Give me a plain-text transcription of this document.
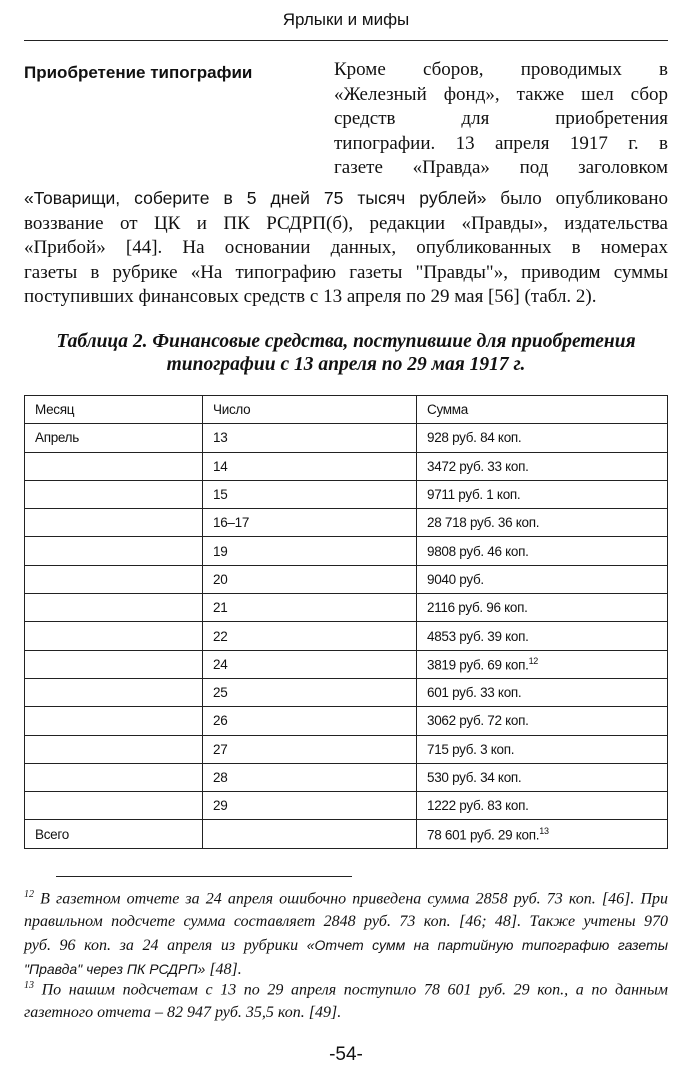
Ярлыки и мифы
Приобретение типографии	Кроме сборов, проводимых в
«Железный фонд», также шел сбор
средств для приобретения
типографии. 13 апреля 1917 г. в
газете «Правда» под заголовком
«Товарищи, соберите в 5 дней 75 тысяч рублей» было опубликовано
воззвание от ЦК и ПК РСДРП(б), редакции «Правды», издательства
«Прибой» [44]. На основании данных, опубликованных в номерах
газеты в рубрике «На типографию газеты "Правды"», приводим суммы
поступивших финансовых средств с 13 апреля по 29 мая [56] (табл. 2).
Таблица 2. Финансовые средства, поступившие для приобретения
типографии с 13 апреля по 29 мая 1917 г.
Месяц	Число	Сумма
Апрель	13	928 руб. 84 коп.
	14	3472 руб. 33 коп.
	15	9711 руб. 1 коп.
	16–17	28 718 руб. 36 коп.
	19	9808 руб. 46 коп.
	20	9040 руб.
	21	2116 руб. 96 коп.
	22	4853 руб. 39 коп.
	24	3819 руб. 69 коп.$^{12}$
	25	601 руб. 33 коп.
	26	3062 руб. 72 коп.
	27	715 руб. 3 коп.
	28	530 руб. 34 коп.
	29	1222 руб. 83 коп.
Всего		78 601 руб. 29 коп.$^{13}$
$^{12}$ В газетном отчете за 24 апреля ошибочно приведена сумма 2858 руб. 73 коп. [46]. При
правильном подсчете сумма составляет 2848 руб. 73 коп. [46; 48]. Также учтены 970
руб. 96 коп. за 24 апреля из рубрики «Отчет сумм на партийную типографию газеты
"Правда" через ПК РСДРП» [48].
$^{13}$ По нашим подсчетам с 13 по 29 апреля поступило 78 601 руб. 29 коп., а по данным
газетного отчета – 82 947 руб. 35,5 коп. [49].
-54-
